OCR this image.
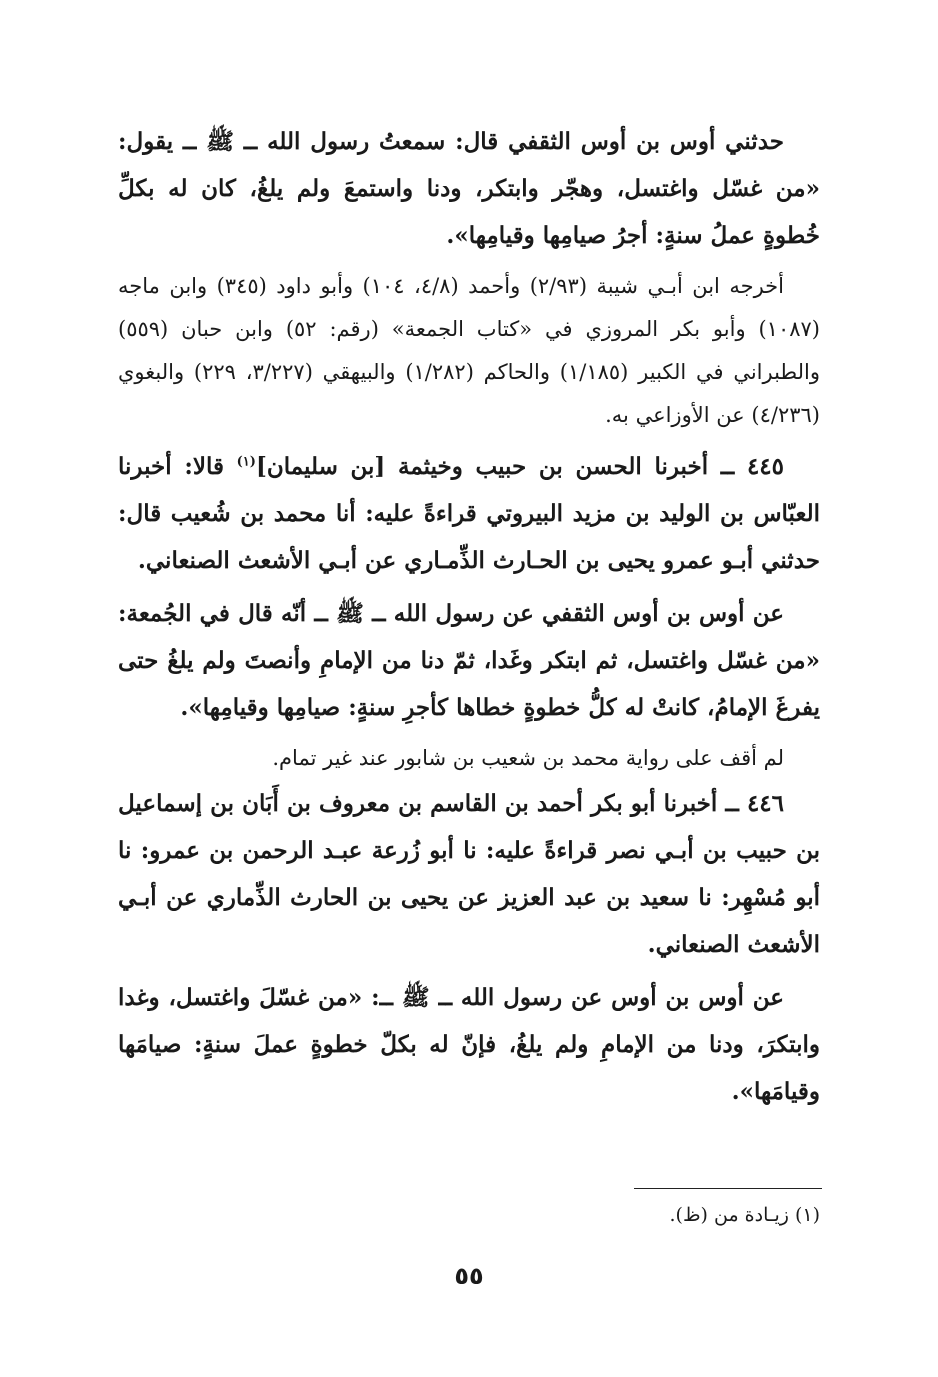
حدثني أوس بن أوس الثقفي قال: سمعتُ رسول الله ــ ﷺ ــ يقول: «من غسّل واغتسل، وهجّر وابتكر، ودنا واستمعَ ولم يلغُ، كان له بكلِّ خُطوةٍ عملُ سنةٍ: أجرُ صيامِها وقيامِها».

أخرجه ابن أبـي شيبة (٢/٩٣) وأحمد (٤/٨، ١٠٤) وأبو داود (٣٤٥) وابن ماجه (١٠٨٧) وأبو بكر المروزي في «كتاب الجمعة» (رقم: ٥٢) وابن حبان (٥٥٩) والطبراني في الكبير (١/١٨٥) والحاكم (١/٢٨٢) والبيهقي (٣/٢٢٧، ٢٢٩) والبغوي (٤/٢٣٦) عن الأوزاعي به.

٤٤٥ ــ أخبرنا الحسن بن حبيب وخيثمة [بن سليمان]$^{(١)}$ قالا: أخبرنا العبّاس بن الوليد بن مزيد البيروتي قراءةً عليه: أنا محمد بن شُعيب قال: حدثني أبـو عمرو يحيى بن الحـارث الذِّمـاري عن أبـي الأشعث الصنعاني.

عن أوس بن أوس الثقفي عن رسول الله ــ ﷺ ــ أنّه قال في الجُمعة: «من غسّل واغتسل، ثم ابتكر وغَدا، ثمّ دنا من الإمامِ وأنصتَ ولم يلغُ حتى يفرغَ الإمامُ، كانتْ له كلُّ خطوةٍ خطاها كأجرِ سنةٍ: صيامِها وقيامِها».

لم أقف على رواية محمد بن شعيب بن شابور عند غير تمام.

٤٤٦ ــ أخبرنا أبو بكر أحمد بن القاسم بن معروف بن أَبَان بن إسماعيل بن حبيب بن أبـي نصر قراءةً عليه: نا أبو زُرعة عبـد الرحمن بن عمرو: نا أبو مُسْهِر: نا سعيد بن عبد العزيز عن يحيى بن الحارث الذِّماري عن أبـي الأشعث الصنعاني.

عن أوس بن أوس عن رسول الله ــ ﷺ ــ: «من غسّلَ واغتسل، وغدا وابتكرَ، ودنا من الإمامِ ولم يلغُ، فإنّ له بكلّ خطوةٍ عملَ سنةٍ: صيامَها وقيامَها».

(١) زيـادة من (ظ).
٥٥
